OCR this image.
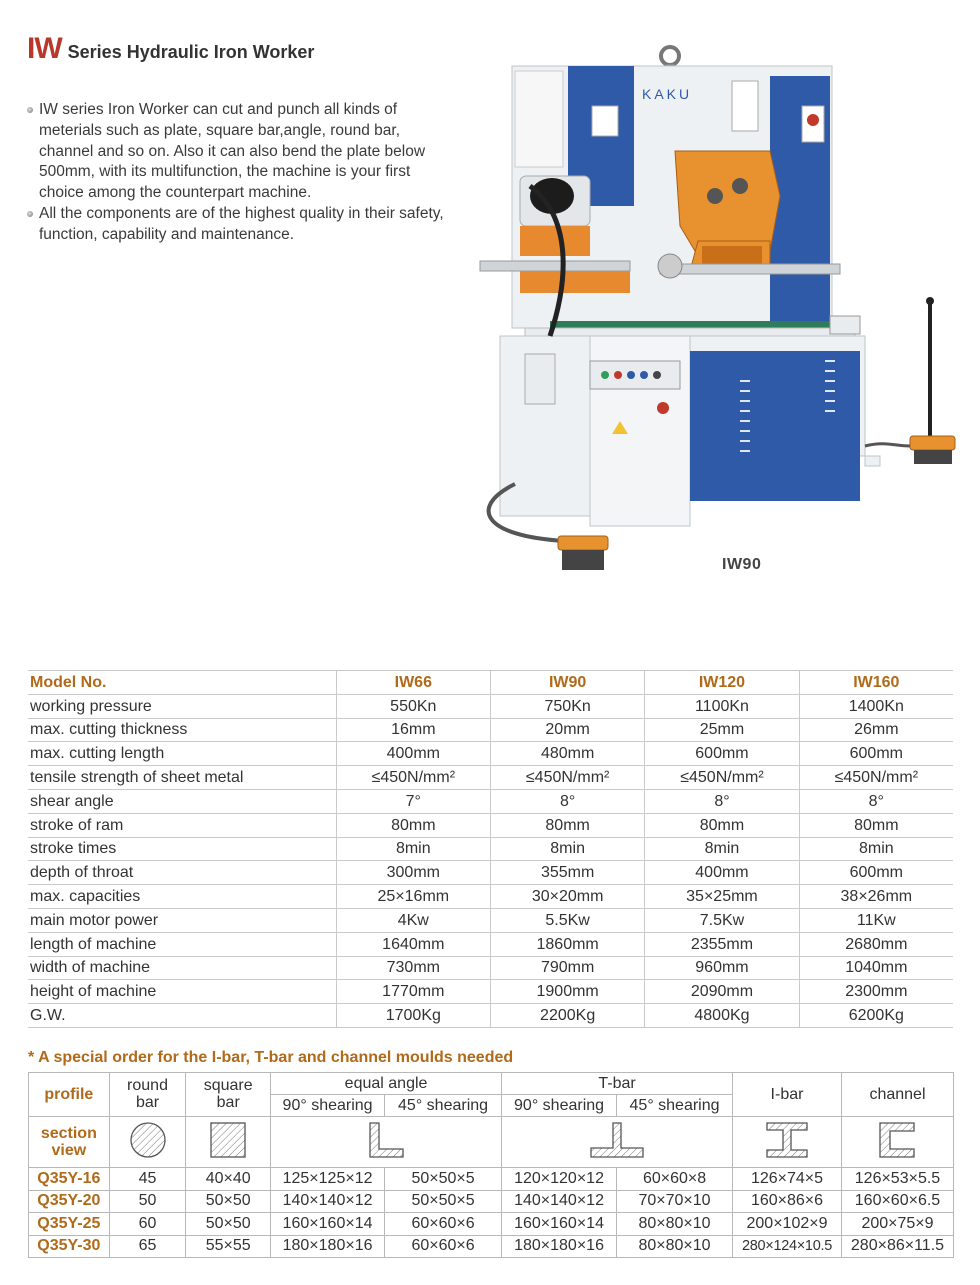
IW Series Hydraulic Iron Worker
IW series Iron Worker can cut and punch all kinds of meterials such as plate, square bar,angle, round bar, channel and so on. Also it can also bend the plate below 500mm, with its multifunction, the machine is your first choice among the counterpart machine.
All the components are of the highest quality in their safety, function, capability and maintenance.
KAKU
IW90
Model No.	IW66	IW90	IW120	IW160
working pressure	550Kn	750Kn	1100Kn	1400Kn
max. cutting thickness	16mm	20mm	25mm	26mm
max. cutting length	400mm	480mm	600mm	600mm
tensile strength of sheet metal	≤450N/mm²	≤450N/mm²	≤450N/mm²	≤450N/mm²
shear angle	7°	8°	8°	8°
stroke of ram	80mm	80mm	80mm	80mm
stroke times	8min	8min	8min	8min
depth of throat	300mm	355mm	400mm	600mm
max. capacities	25×16mm	30×20mm	35×25mm	38×26mm
main motor power	4Kw	5.5Kw	7.5Kw	11Kw
length of machine	1640mm	1860mm	2355mm	2680mm
width of machine	730mm	790mm	960mm	1040mm
height of machine	1770mm	1900mm	2090mm	2300mm
G.W.	1700Kg	2200Kg	4800Kg	6200Kg
* A special order for the I-bar, T-bar and channel moulds needed
profile	round bar	square bar	equal angle		T-bar		I-bar	channel
			90° shearing	45° shearing	90° shearing	45° shearing		
section view						
Q35Y-16	45	40×40	125×125×12	50×50×5	120×120×12	60×60×8	126×74×5	126×53×5.5
Q35Y-20	50	50×50	140×140×12	50×50×5	140×140×12	70×70×10	160×86×6	160×60×6.5
Q35Y-25	60	50×50	160×160×14	60×60×6	160×160×14	80×80×10	200×102×9	200×75×9
Q35Y-30	65	55×55	180×180×16	60×60×6	180×180×16	80×80×10	280×124×10.5	280×86×11.5
